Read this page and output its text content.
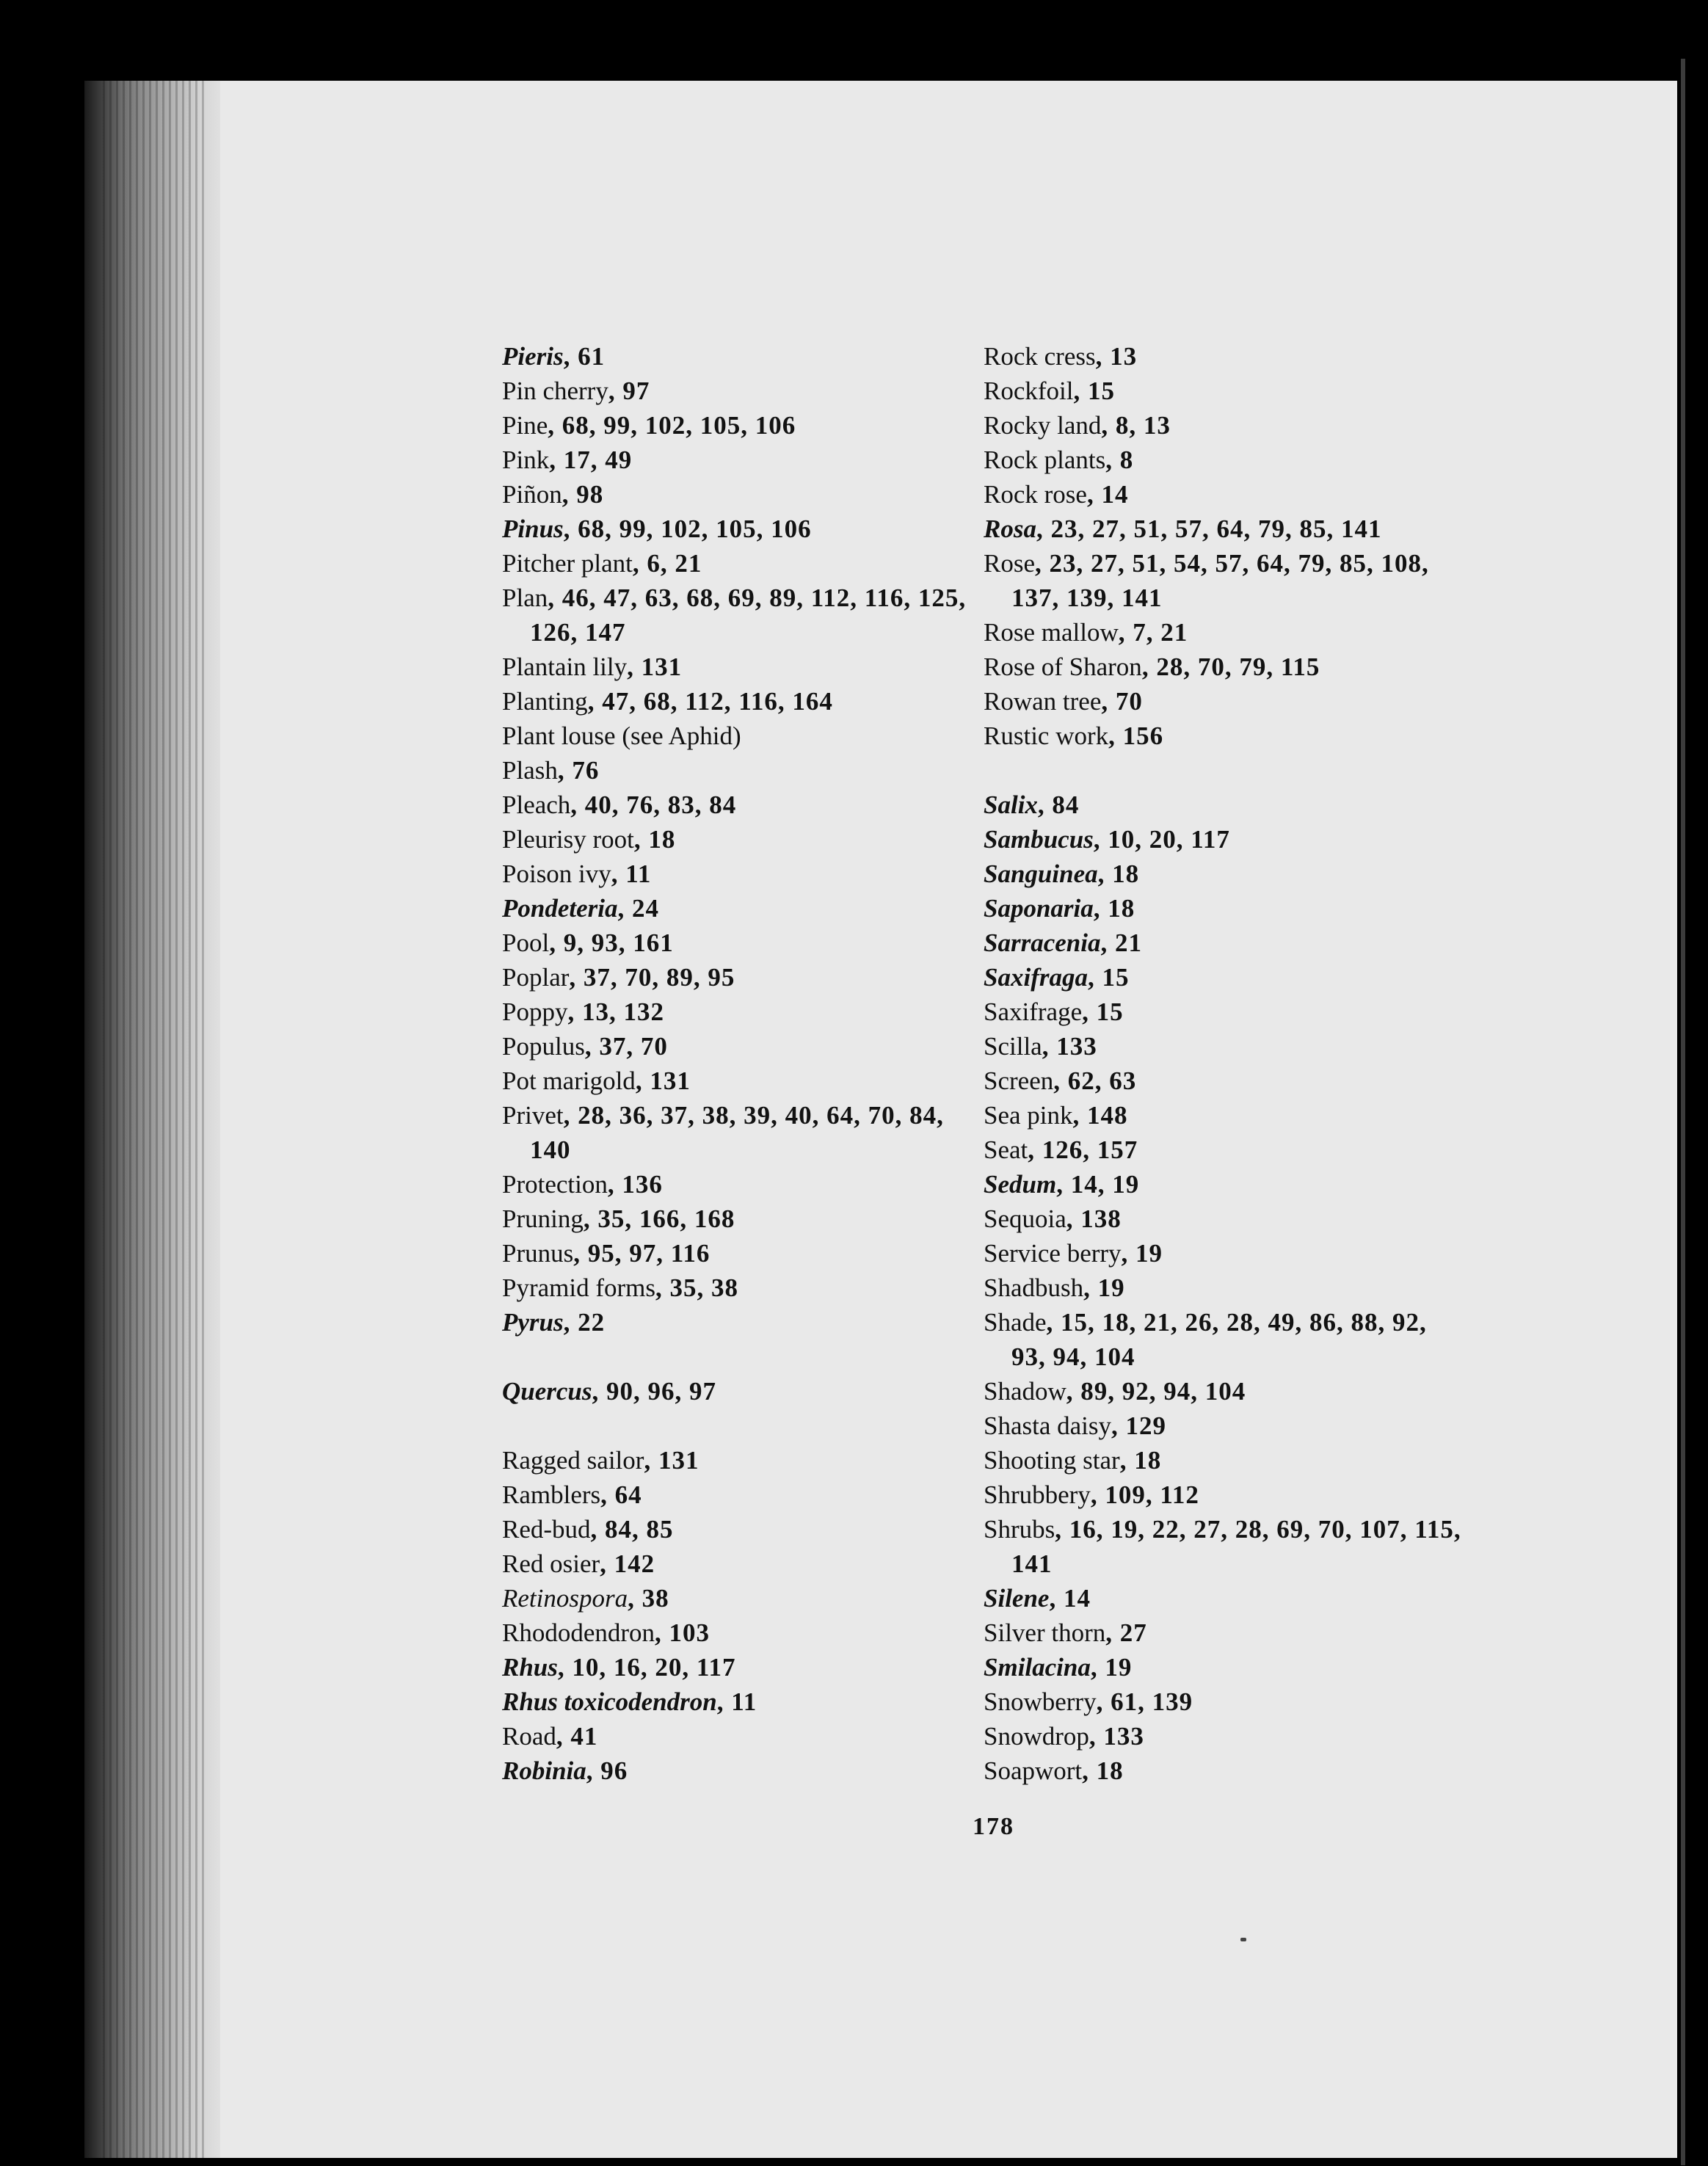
Pieris, 61
Pin cherry, 97
Pine, 68, 99, 102, 105, 106
Pink, 17, 49
Piñon, 98
Pinus, 68, 99, 102, 105, 106
Pitcher plant, 6, 21
Plan, 46, 47, 63, 68, 69, 89, 112, 116, 125, 126, 147
Plantain lily, 131
Planting, 47, 68, 112, 116, 164
Plant louse (see Aphid)
Plash, 76
Pleach, 40, 76, 83, 84
Pleurisy root, 18
Poison ivy, 11
Pondeteria, 24
Pool, 9, 93, 161
Poplar, 37, 70, 89, 95
Poppy, 13, 132
Populus, 37, 70
Pot marigold, 131
Privet, 28, 36, 37, 38, 39, 40, 64, 70, 84, 140
Protection, 136
Pruning, 35, 166, 168
Prunus, 95, 97, 116
Pyramid forms, 35, 38
Pyrus, 22
Quercus, 90, 96, 97
Ragged sailor, 131
Ramblers, 64
Red-bud, 84, 85
Red osier, 142
Retinospora, 38
Rhododendron, 103
Rhus, 10, 16, 20, 117
Rhus toxicodendron, 11
Road, 41
Robinia, 96
Rock cress, 13
Rockfoil, 15
Rocky land, 8, 13
Rock plants, 8
Rock rose, 14
Rosa, 23, 27, 51, 57, 64, 79, 85, 141
Rose, 23, 27, 51, 54, 57, 64, 79, 85, 108, 137, 139, 141
Rose mallow, 7, 21
Rose of Sharon, 28, 70, 79, 115
Rowan tree, 70
Rustic work, 156
Salix, 84
Sambucus, 10, 20, 117
Sanguinea, 18
Saponaria, 18
Sarracenia, 21
Saxifraga, 15
Saxifrage, 15
Scilla, 133
Screen, 62, 63
Sea pink, 148
Seat, 126, 157
Sedum, 14, 19
Sequoia, 138
Service berry, 19
Shadbush, 19
Shade, 15, 18, 21, 26, 28, 49, 86, 88, 92, 93, 94, 104
Shadow, 89, 92, 94, 104
Shasta daisy, 129
Shooting star, 18
Shrubbery, 109, 112
Shrubs, 16, 19, 22, 27, 28, 69, 70, 107, 115, 141
Silene, 14
Silver thorn, 27
Smilacina, 19
Snowberry, 61, 139
Snowdrop, 133
Soapwort, 18
178
